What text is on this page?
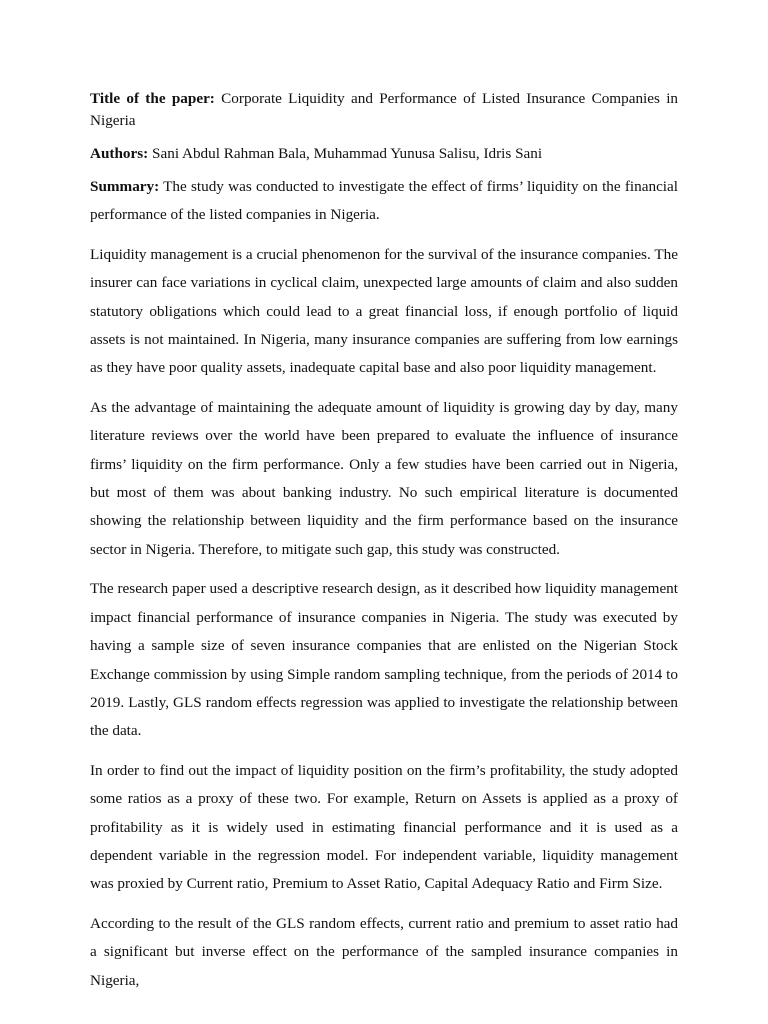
Title of the paper: Corporate Liquidity and Performance of Listed Insurance Companies in Nigeria

Authors: Sani Abdul Rahman Bala, Muhammad Yunusa Salisu, Idris Sani

Summary: The study was conducted to investigate the effect of firms’ liquidity on the financial performance of the listed companies in Nigeria.

Liquidity management is a crucial phenomenon for the survival of the insurance companies. The insurer can face variations in cyclical claim, unexpected large amounts of claim and also sudden statutory obligations which could lead to a great financial loss, if enough portfolio of liquid assets is not maintained. In Nigeria, many insurance companies are suffering from low earnings as they have poor quality assets, inadequate capital base and also poor liquidity management.

As the advantage of maintaining the adequate amount of liquidity is growing day by day, many literature reviews over the world have been prepared to evaluate the influence of insurance firms’ liquidity on the firm performance. Only a few studies have been carried out in Nigeria, but most of them was about banking industry. No such empirical literature is documented showing the relationship between liquidity and the firm performance based on the insurance sector in Nigeria. Therefore, to mitigate such gap, this study was constructed.

The research paper used a descriptive research design, as it described how liquidity management impact financial performance of insurance companies in Nigeria. The study was executed by having a sample size of seven insurance companies that are enlisted on the Nigerian Stock Exchange commission by using Simple random sampling technique, from the periods of 2014 to 2019. Lastly, GLS random effects regression was applied to investigate the relationship between the data.

In order to find out the impact of liquidity position on the firm’s profitability, the study adopted some ratios as a proxy of these two. For example, Return on Assets is applied as a proxy of profitability as it is widely used in estimating financial performance and it is used as a dependent variable in the regression model. For independent variable, liquidity management was proxied by Current ratio, Premium to Asset Ratio, Capital Adequacy Ratio and Firm Size.

According to the result of the GLS random effects, current ratio and premium to asset ratio had a significant but inverse effect on the performance of the sampled insurance companies in Nigeria,
